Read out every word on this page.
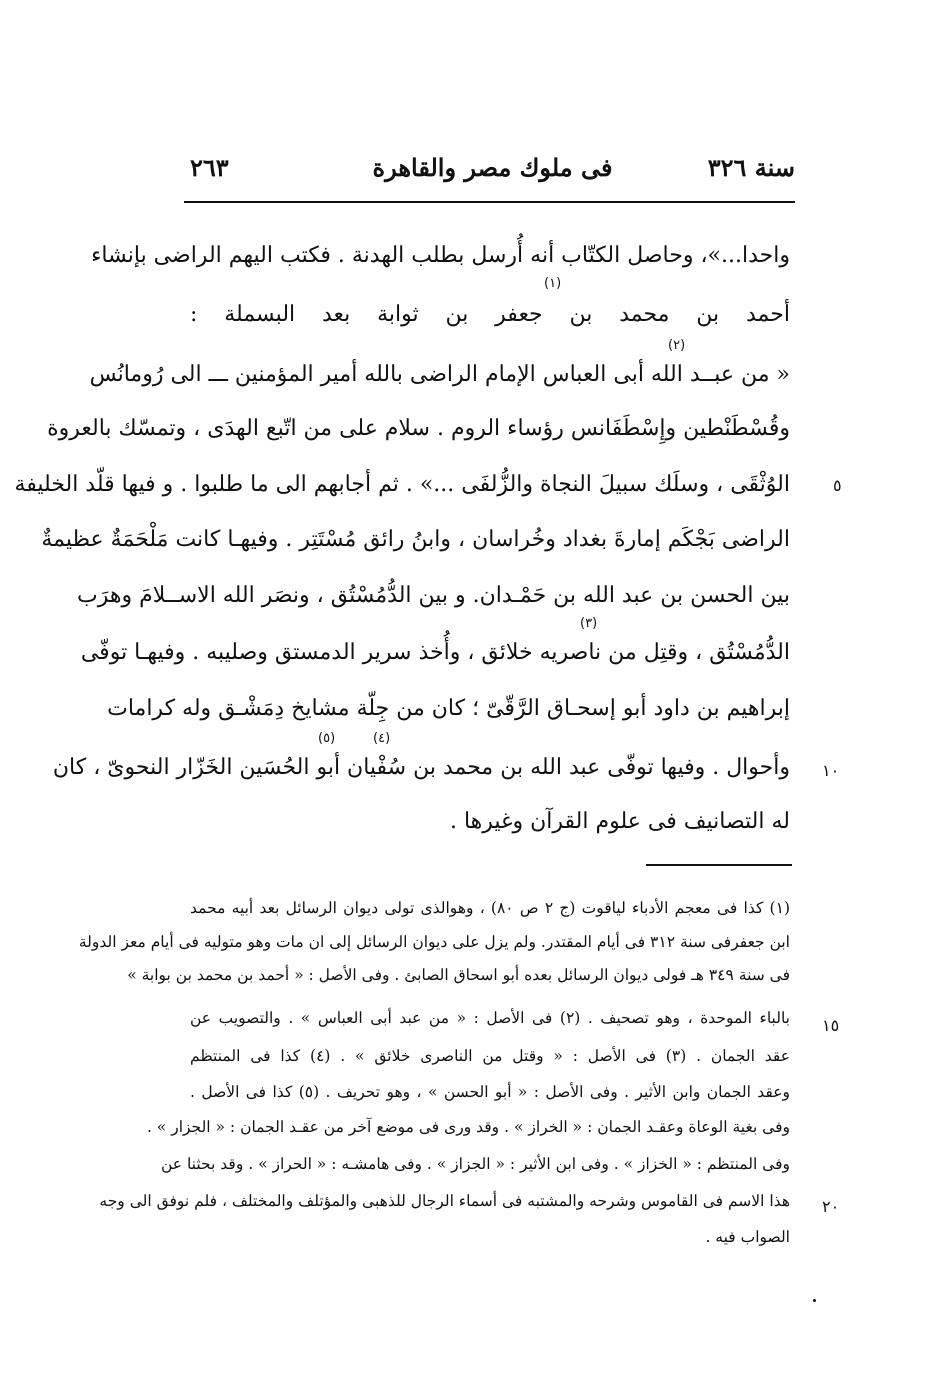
سنة ٣٢٦
فى ملوك مصر والقاهرة
٢٦٣
واحدا...‌»، وحاصل الكتّاب أنه أُرسل بطلب الهدنة . فكتب اليهم الراضى بإنشاء
أحمد بن محمد بن جعفر بن ثوابة بعد البسملة :
« من عبــد الله أبى العباس الإمام الراضى بالله أمير المؤمنين ـــ الى رُومانُس
وقُسْطَنْطين وإِسْطَفَانس رؤساء الروم . سلام على من اتّبع الهدَى ، وتمسّك بالعروة
الوُثْقَى ، وسلَك سبيلَ النجاة والزُّلفَى ...» . ثم أجابهم الى ما طلبوا . و فيها قلّد الخليفة
الراضى بَجْكَم إمارةَ بغداد وخُراسان ، وابنُ رائق مُسْتَتِر . وفيهـا كانت مَلْحَمَةٌ عظيمةٌ
بين الحسن بن عبد الله بن حَمْـدان. و بين الدُّمُسْتُق ، ونصَر الله الاســلامَ وهرَب
الدُّمُسْتُق ، وقتِل من ناصريه خلائق ، وأُخذ سرير الدمستق وصليبه . وفيهـا توفّى
إبراهيم بن داود أبو إسحـاق الرَّقّىّ ؛ كان من جِلّة مشايخ دِمَشْـق وله كرامات
وأحوال . وفيها توفّى عبد الله بن محمد بن سُفْيان أبو الحُسَين الخَزّار النحوىّ ، كان
له التصانيف فى علوم القرآن وغيرها .
(١)
(٢)
(٣)
(٤)
(٥)
٥
١٠
١٥
٢٠
(١) كذا فى معجم الأدباء لياقوت (ج ٢ ص ٨٠) ، وهوالذى تولى ديوان الرسائل بعد أبيه محمد
ابن جعفرفى سنة ٣١٢ فى أيام المقتدر. ولم يزل على ديوان الرسائل إلى ان مات وهو متوليه فى أيام معز الدولة
فى سنة ٣٤٩ هـ فولى ديوان الرسائل بعده أبو اسحاق الصابئ . وفى الأصل : « أحمد بن محمد بن بوابة »
بالباء الموحدة ، وهو تصحيف . (٢) فى الأصل : « من عبد أبى العباس » . والتصويب عن
عقد الجمان . (٣) فى الأصل : « وقتل من الناصرى خلائق » . (٤) كذا فى المنتظم
وعقد الجمان وابن الأثير . وفى الأصل : « أبو الحسن » ، وهو تحريف . (٥) كذا فى الأصل .
وفى بغية الوعاة وعقـد الجمان : « الخراز » . وقد ورى فى موضع آخر من عقـد الجمان : « الجزار » .
وفى المنتظم : « الخزاز » . وفى ابن الأثير : « الجزاز » . وفى هامشـه : « الحراز » . وقد بحثنا عن
هذا الاسم فى القاموس وشرحه والمشتبه فى أسماء الرجال للذهبى والمؤتلف والمختلف ، فلم نوفق الى وجه
الصواب فيه .
